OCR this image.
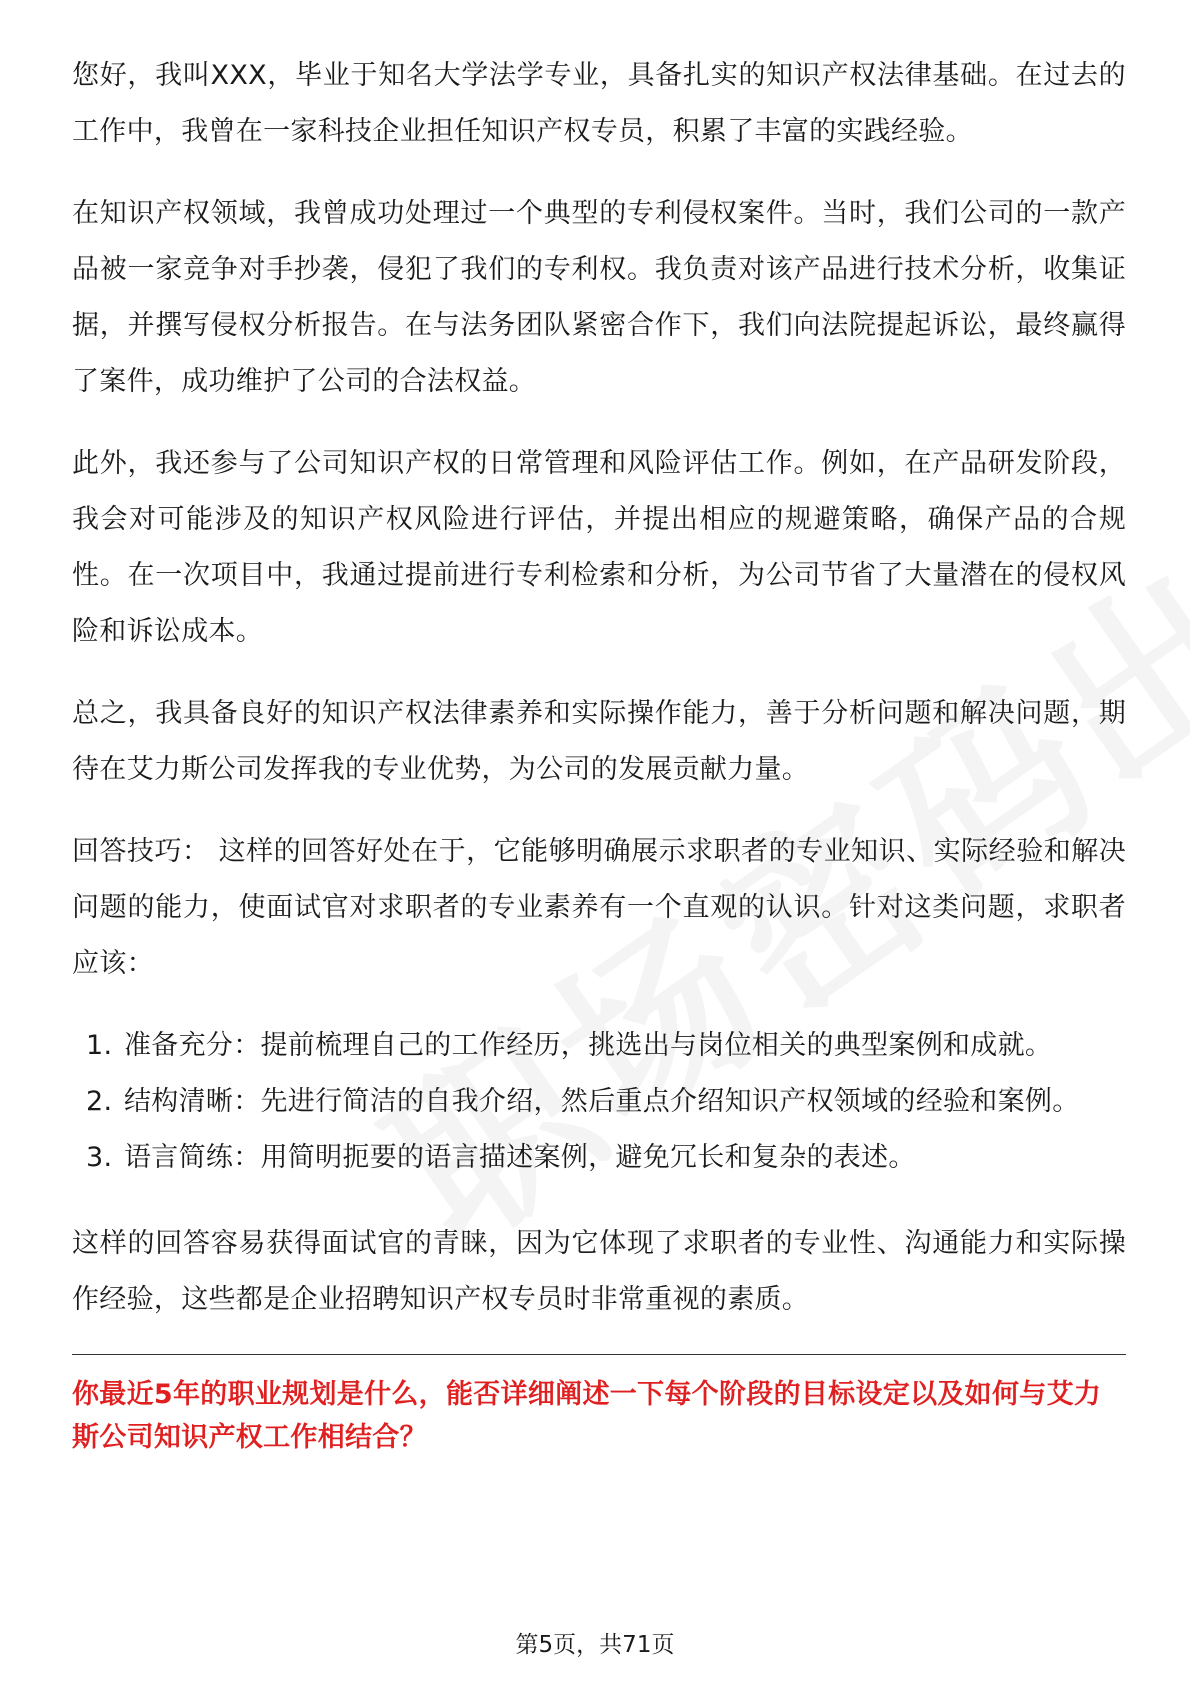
您好，我叫XXX，毕业于知名大学法学专业，具备扎实的知识产权法律基础。在过去的工作中，我曾在一家科技企业担任知识产权专员，积累了丰富的实践经验。

在知识产权领域，我曾成功处理过一个典型的专利侵权案件。当时，我们公司的一款产品被一家竞争对手抄袭，侵犯了我们的专利权。我负责对该产品进行技术分析，收集证据，并撰写侵权分析报告。在与法务团队紧密合作下，我们向法院提起诉讼，最终赢得了案件，成功维护了公司的合法权益。

此外，我还参与了公司知识产权的日常管理和风险评估工作。例如，在产品研发阶段，我会对可能涉及的知识产权风险进行评估，并提出相应的规避策略，确保产品的合规性。在一次项目中，我通过提前进行专利检索和分析，为公司节省了大量潜在的侵权风险和诉讼成本。

总之，我具备良好的知识产权法律素养和实际操作能力，善于分析问题和解决问题，期待在艾力斯公司发挥我的专业优势，为公司的发展贡献力量。

回答技巧： 这样的回答好处在于，它能够明确展示求职者的专业知识、实际经验和解决问题的能力，使面试官对求职者的专业素养有一个直观的认识。针对这类问题，求职者应该：

1. 准备充分：提前梳理自己的工作经历，挑选出与岗位相关的典型案例和成就。
2. 结构清晰：先进行简洁的自我介绍，然后重点介绍知识产权领域的经验和案例。
3. 语言简练：用简明扼要的语言描述案例，避免冗长和复杂的表述。

这样的回答容易获得面试官的青睐，因为它体现了求职者的专业性、沟通能力和实际操作经验，这些都是企业招聘知识产权专员时非常重视的素质。

你最近5年的职业规划是什么，能否详细阐述一下每个阶段的目标设定以及如何与艾力斯公司知识产权工作相结合？

第5页，共71页
